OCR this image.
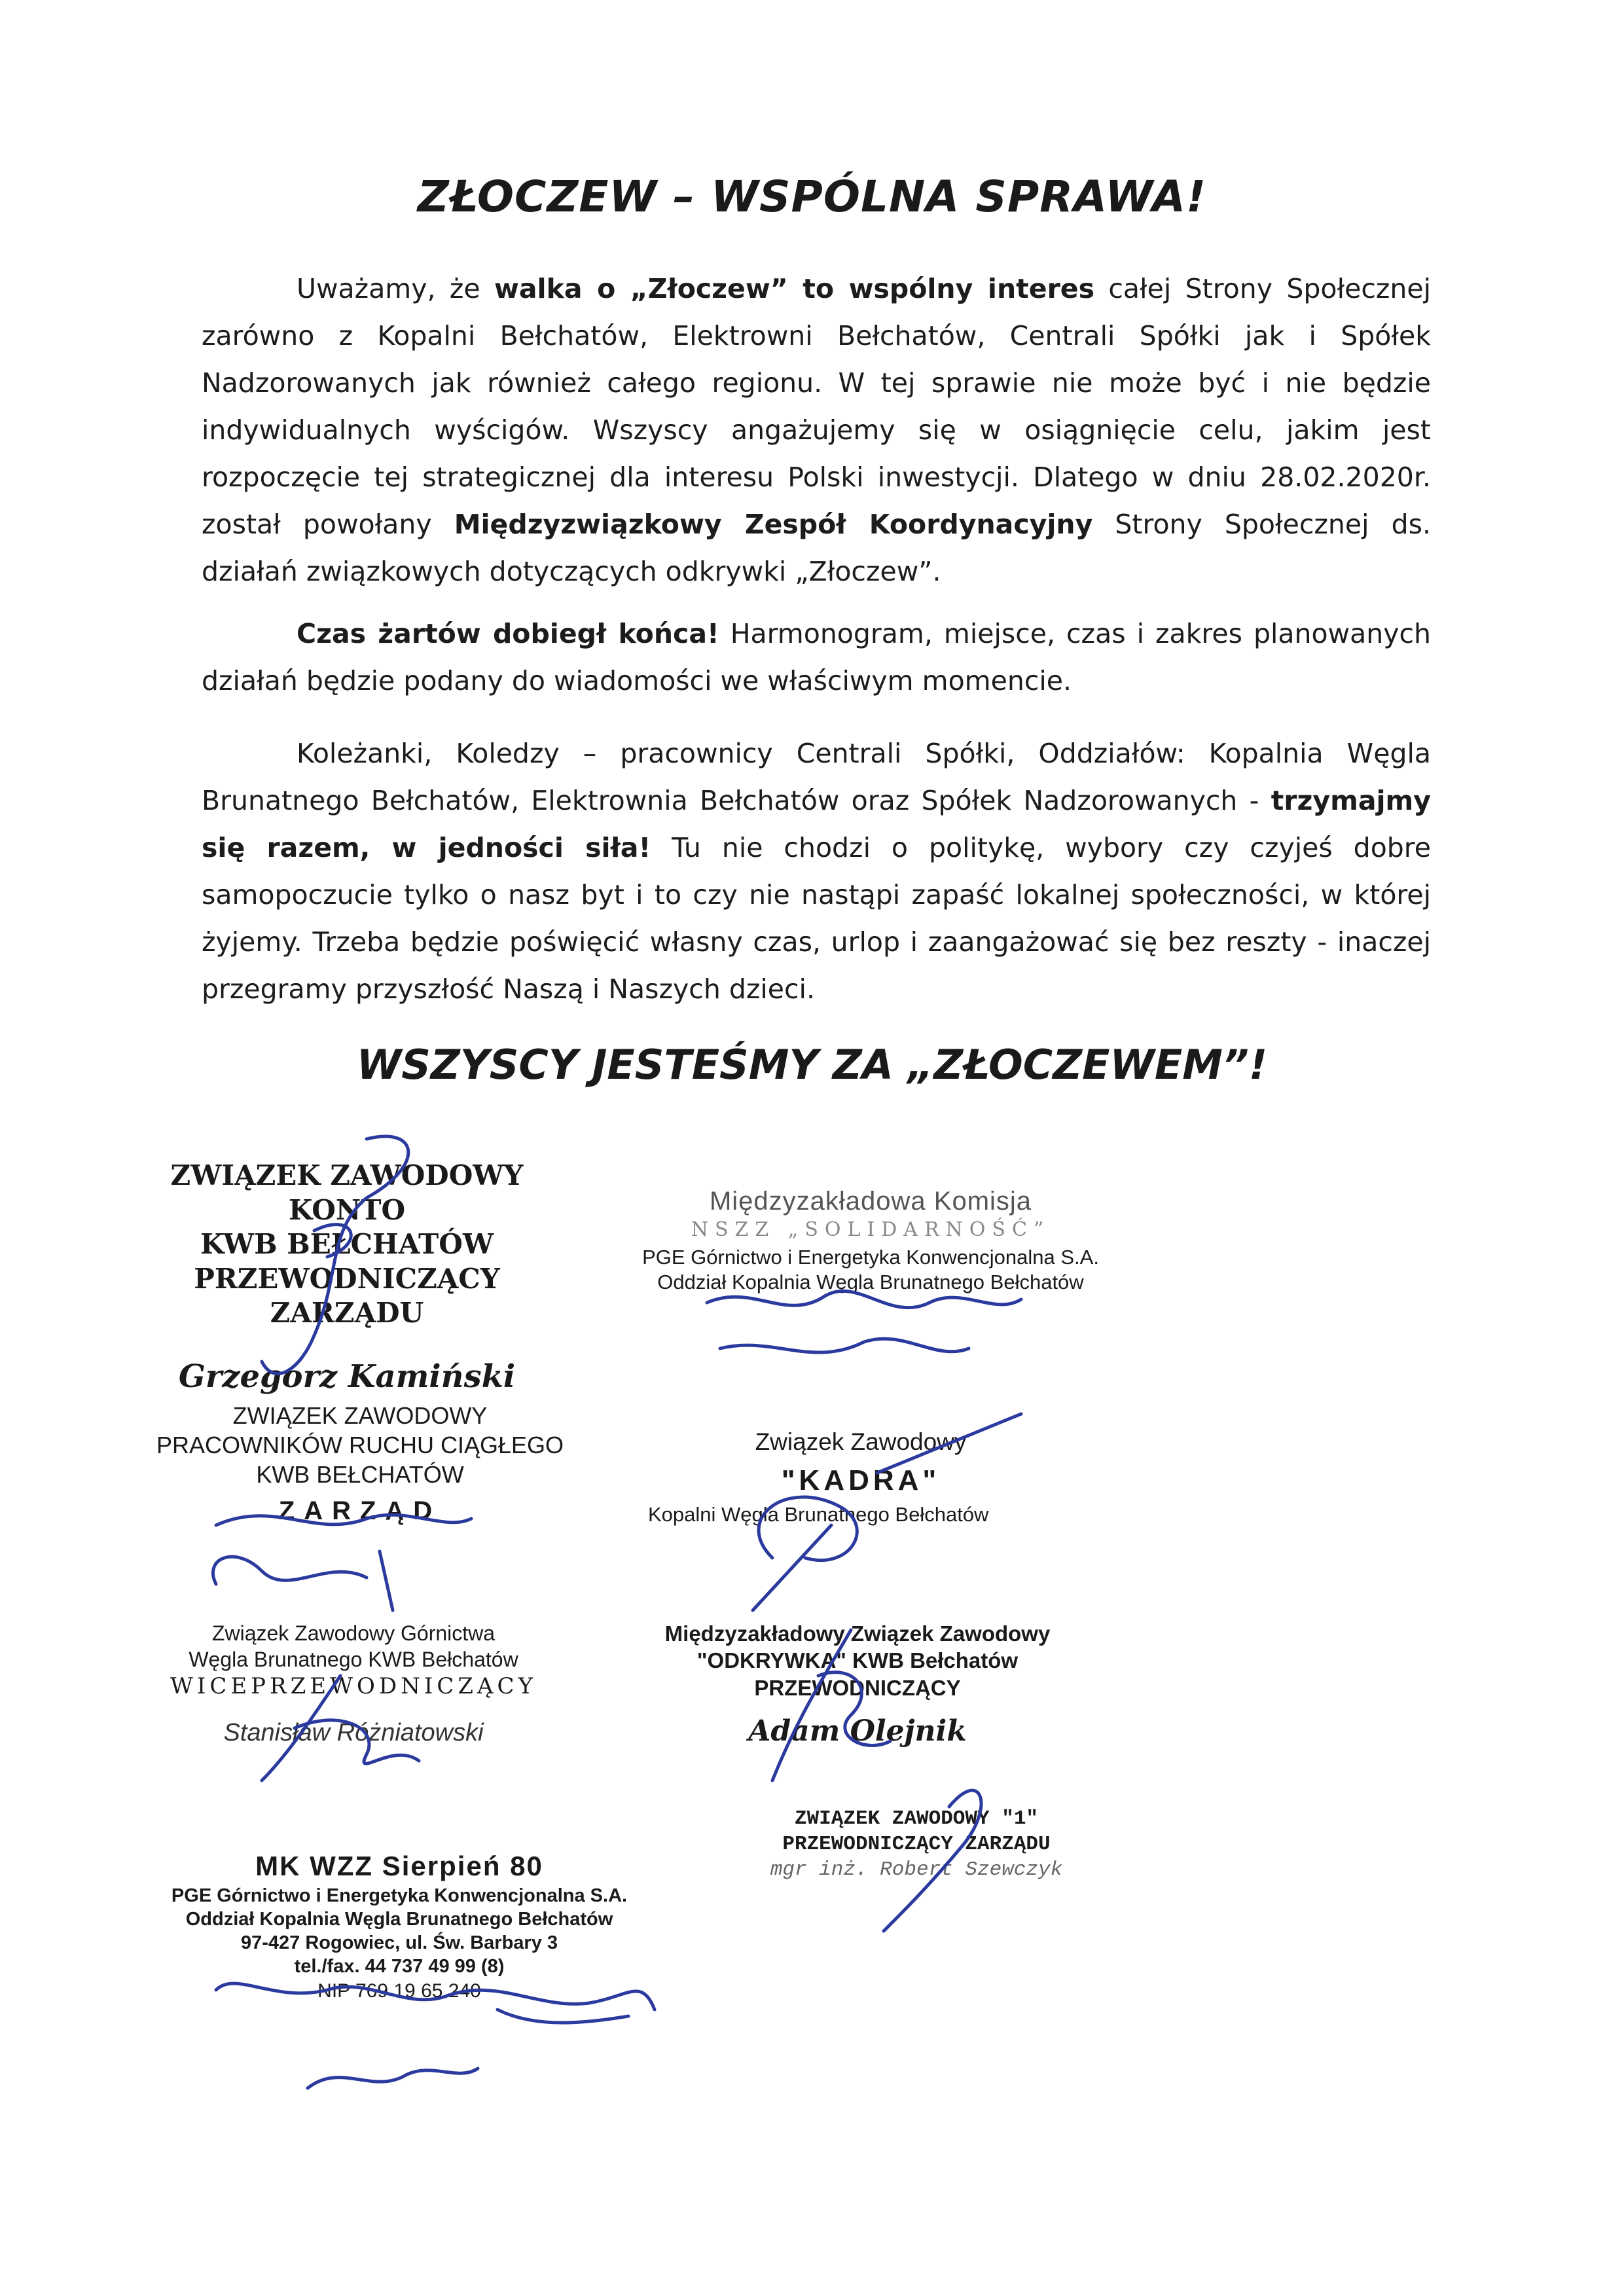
ZŁOCZEW – WSPÓLNA SPRAWA!
Uważamy, że walka o „Złoczew” to wspólny interes całej Strony Społecznej zarówno z Kopalni Bełchatów, Elektrowni Bełchatów, Centrali Spółki jak i Spółek Nadzorowanych jak również całego regionu. W tej sprawie nie może być i nie będzie indywidualnych wyścigów. Wszyscy angażujemy się w osiągnięcie celu, jakim jest rozpoczęcie tej strategicznej dla interesu Polski inwestycji. Dlatego w dniu 28.02.2020r. został powołany Międzyzwiązkowy Zespół Koordynacyjny Strony Społecznej ds. działań związkowych dotyczących odkrywki „Złoczew”.
Czas żartów dobiegł końca! Harmonogram, miejsce, czas i zakres planowanych działań będzie podany do wiadomości we właściwym momencie.
Koleżanki, Koledzy – pracownicy Centrali Spółki, Oddziałów: Kopalnia Węgla Brunatnego Bełchatów, Elektrownia Bełchatów oraz Spółek Nadzorowanych - trzymajmy się razem, w jedności siła! Tu nie chodzi o politykę, wybory czy czyjeś dobre samopoczucie tylko o nasz byt i to czy nie nastąpi zapaść lokalnej społeczności, w której żyjemy. Trzeba będzie poświęcić własny czas, urlop i zaangażować się bez reszty - inaczej przegramy przyszłość Naszą i Naszych dzieci.
WSZYSCY JESTEŚMY ZA „ZŁOCZEWEM”!
ZWIĄZEK ZAWODOWY KONTO
KWB BEŁCHATÓW
PRZEWODNICZĄCY ZARZĄDU
Grzegorz Kamiński
Międzyzakładowa Komisja
NSZZ „SOLIDARNOŚĆ”
PGE Górnictwo i Energetyka Konwencjonalna S.A.
Oddział Kopalnia Węgla Brunatnego Bełchatów
ZWIĄZEK ZAWODOWY
PRACOWNIKÓW RUCHU CIĄGŁEGO
KWB BEŁCHATÓW
ZARZĄD
Związek Zawodowy
"KADRA"
Kopalni Węgla Brunatnego Bełchatów
Związek Zawodowy Górnictwa
Węgla Brunatnego KWB Bełchatów
WICEPRZEWODNICZĄCY
Stanisław Różniatowski
Międzyzakładowy Związek Zawodowy
"ODKRYWKA" KWB Bełchatów
PRZEWODNICZĄCY
Adam Olejnik
ZWIĄZEK ZAWODOWY "1"
PRZEWODNICZĄCY ZARZĄDU
mgr inż. Robert Szewczyk
MK WZZ Sierpień 80
PGE Górnictwo i Energetyka Konwencjonalna S.A.
Oddział Kopalnia Węgla Brunatnego Bełchatów
97-427 Rogowiec, ul. Św. Barbary 3
tel./fax. 44 737 49 99 (8)
NIP 769 19 65 240
